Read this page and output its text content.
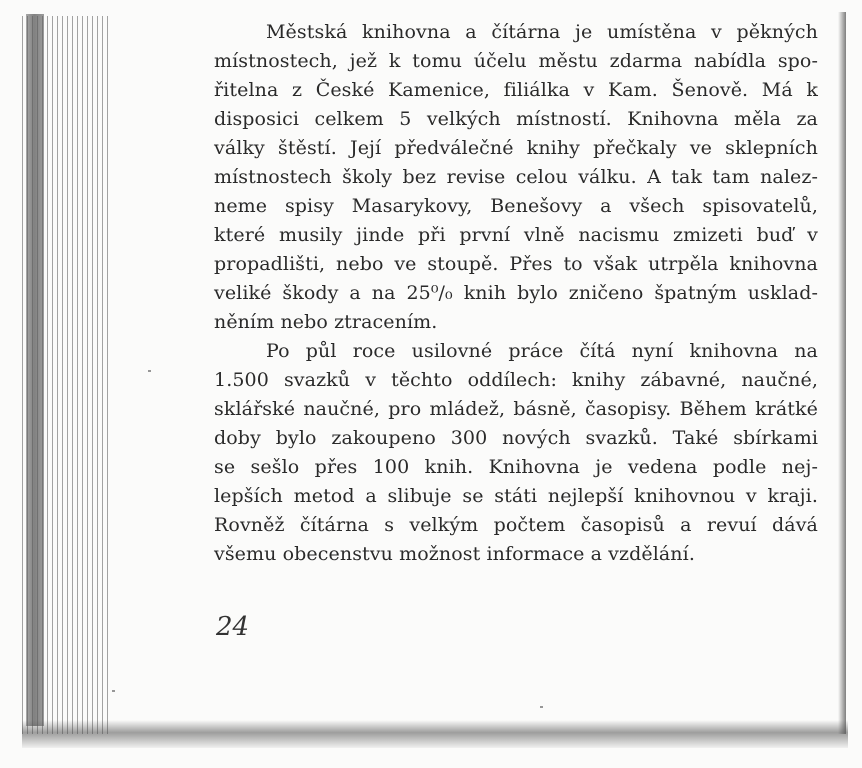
Městská knihovna a čítárna je umístěna v pěkných
místnostech, jež k tomu účelu městu zdarma nabídla spo-
řitelna z České Kamenice, filiálka v Kam. Šenově. Má k
disposici celkem 5 velkých místností. Knihovna měla za
války štěstí. Její předválečné knihy přečkaly ve sklepních
místnostech školy bez revise celou válku. A tak tam nalez-
neme spisy Masarykovy, Benešovy a všech spisovatelů,
které musily jinde při první vlně nacismu zmizeti buď v
propadlišti, nebo ve stoupě. Přes to však utrpěla knihovna
veliké škody a na 25⁰/₀ knih bylo zničeno špatným usklad-
něním nebo ztracením.
Po půl roce usilovné práce čítá nyní knihovna na
1.500 svazků v těchto oddílech: knihy zábavné, naučné,
sklářské naučné, pro mládež, básně, časopisy. Během krátké
doby bylo zakoupeno 300 nových svazků. Také sbírkami
se sešlo přes 100 knih. Knihovna je vedena podle nej-
lepších metod a slibuje se státi nejlepší knihovnou v kraji.
Rovněž čítárna s velkým počtem časopisů a revuí dává
všemu obecenstvu možnost informace a vzdělání.
24
